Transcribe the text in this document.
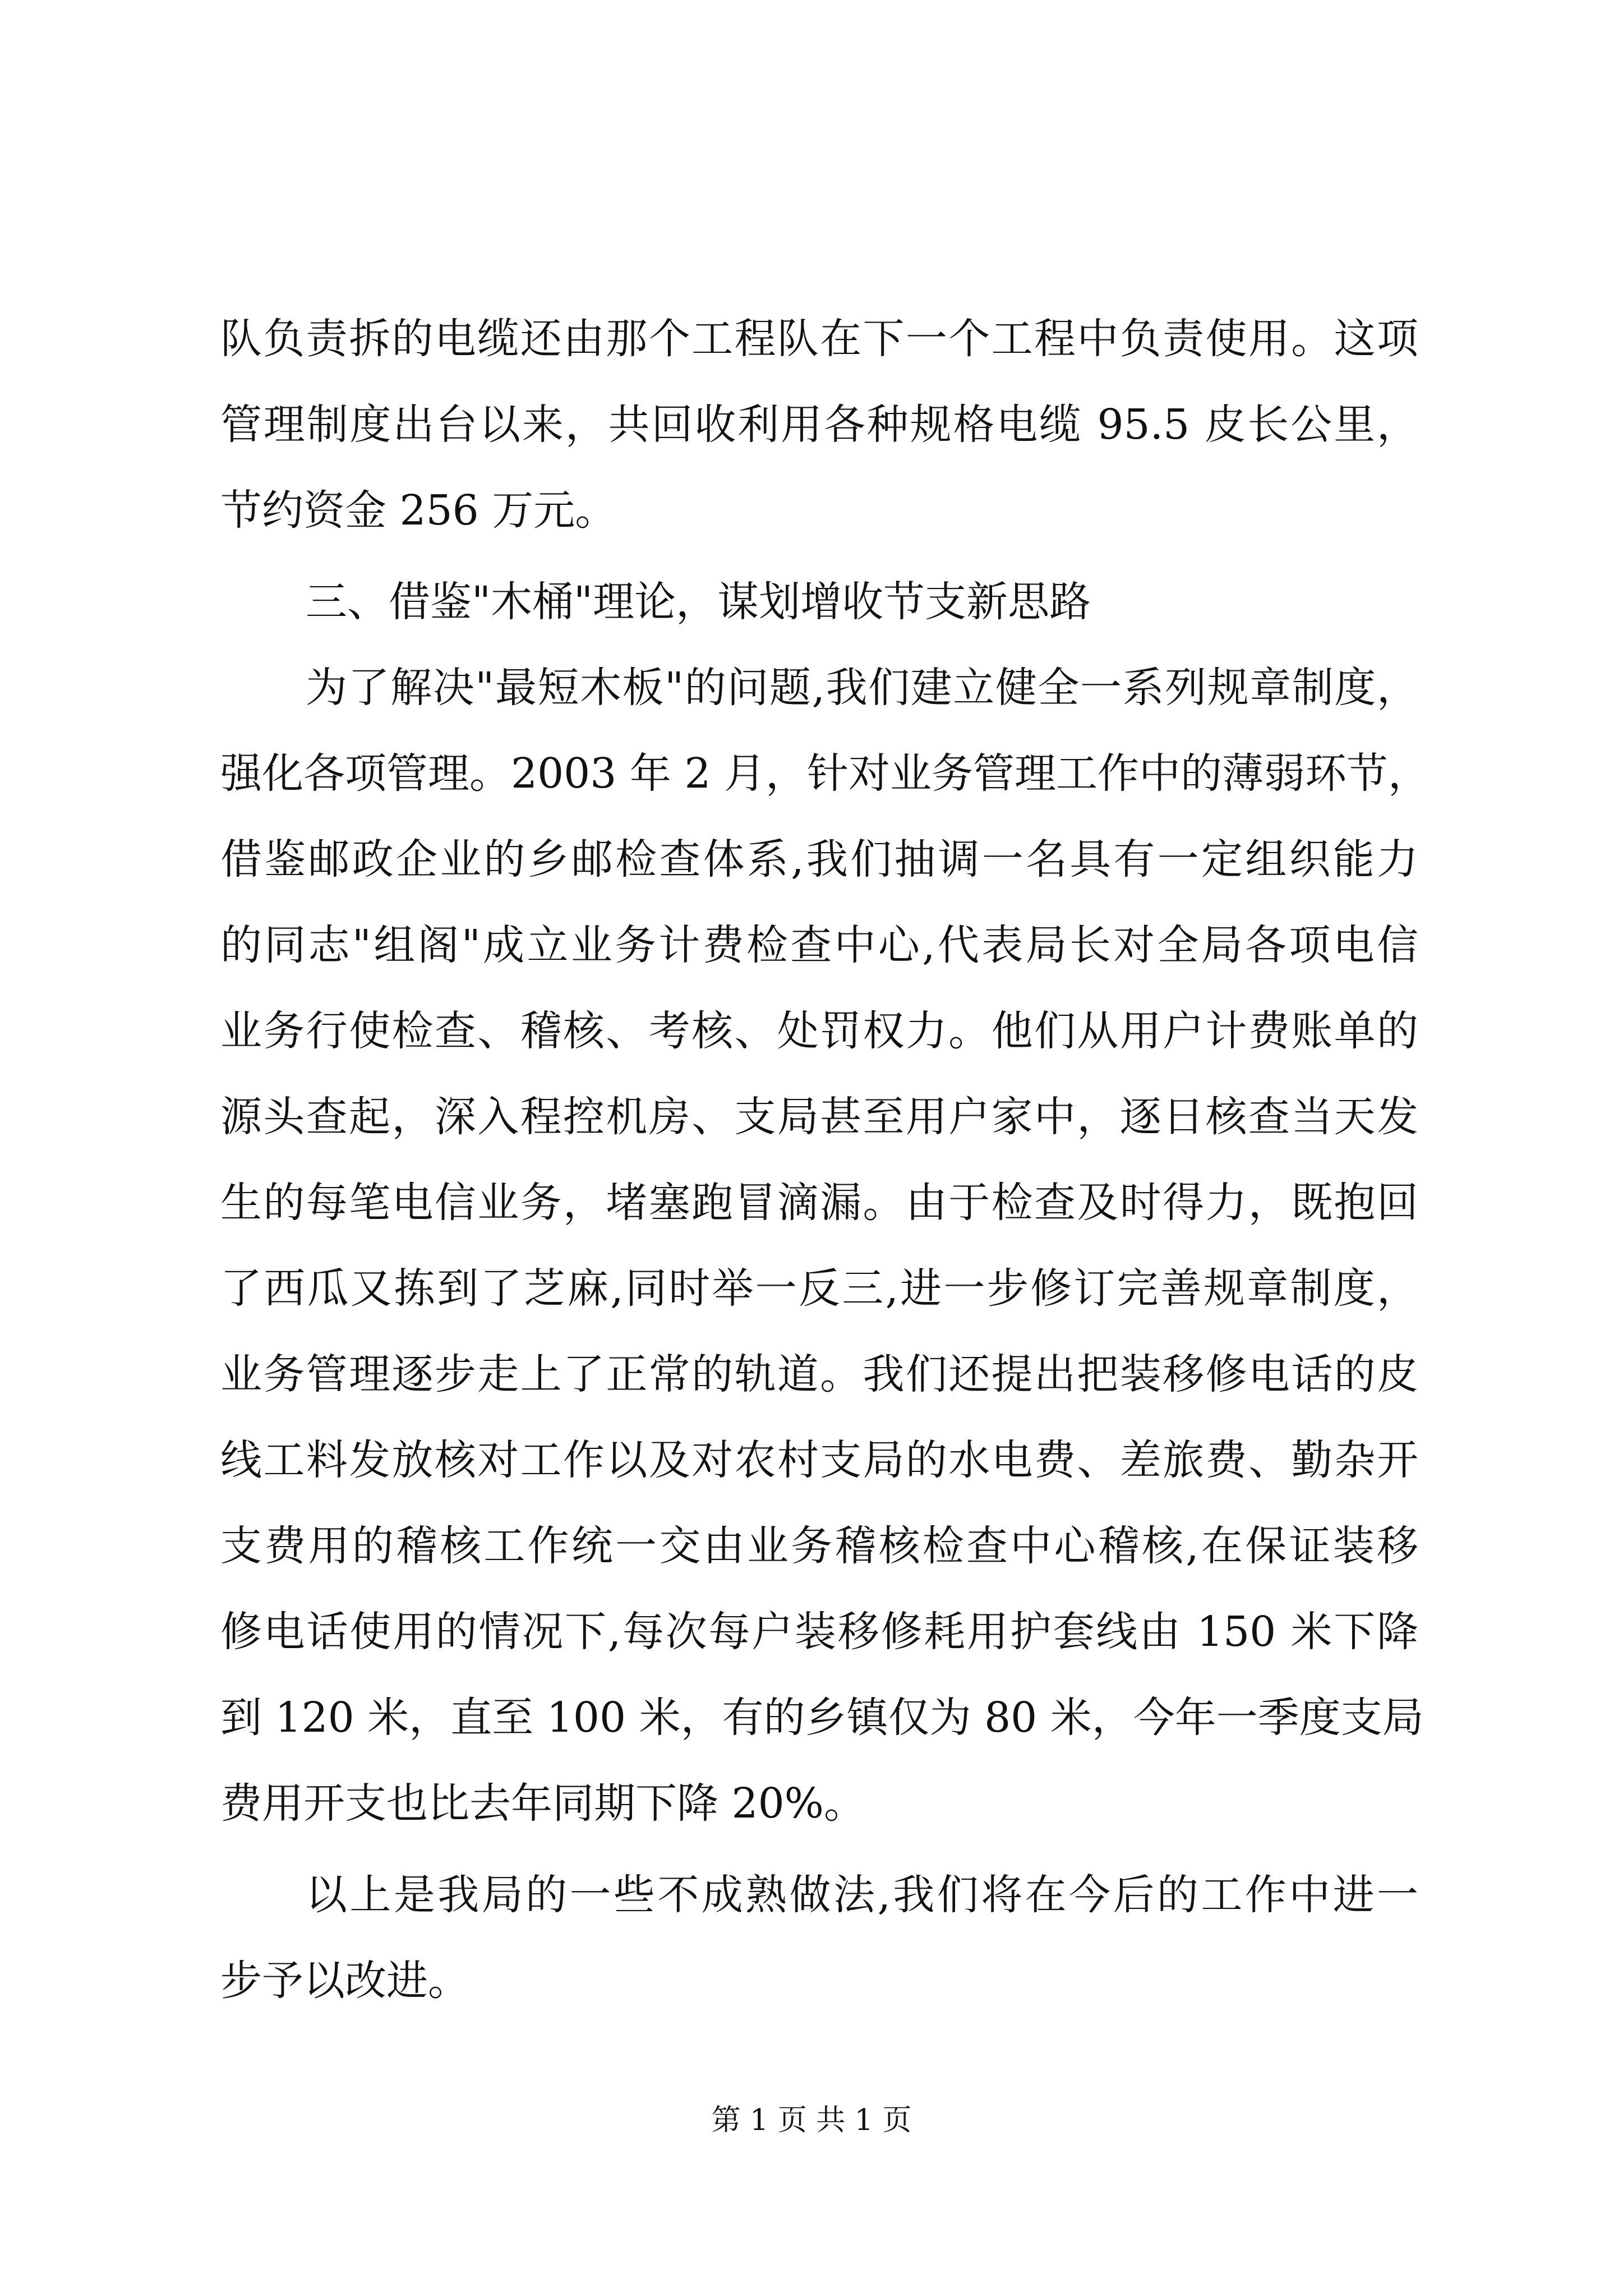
队负责拆的电缆还由那个工程队在下一个工程中负责使用。这项
管理制度出台以来，共回收利用各种规格电缆 95.5 皮长公里，
节约资金 256 万元。
三、借鉴"木桶"理论，谋划增收节支新思路
为了解决"最短木板"的问题,我们建立健全一系列规章制度，
强化各项管理。2003 年 2 月，针对业务管理工作中的薄弱环节，
借鉴邮政企业的乡邮检查体系,我们抽调一名具有一定组织能力
的同志"组阁"成立业务计费检查中心,代表局长对全局各项电信
业务行使检查、稽核、考核、处罚权力。他们从用户计费账单的
源头查起，深入程控机房、支局甚至用户家中，逐日核查当天发
生的每笔电信业务，堵塞跑冒滴漏。由于检查及时得力，既抱回
了西瓜又拣到了芝麻,同时举一反三,进一步修订完善规章制度，
业务管理逐步走上了正常的轨道。我们还提出把装移修电话的皮
线工料发放核对工作以及对农村支局的水电费、差旅费、勤杂开
支费用的稽核工作统一交由业务稽核检查中心稽核,在保证装移
修电话使用的情况下,每次每户装移修耗用护套线由 150 米下降
到 120 米，直至 100 米，有的乡镇仅为 80 米，今年一季度支局
费用开支也比去年同期下降 20%。
以上是我局的一些不成熟做法,我们将在今后的工作中进一
步予以改进。
第 1 页 共 1 页
